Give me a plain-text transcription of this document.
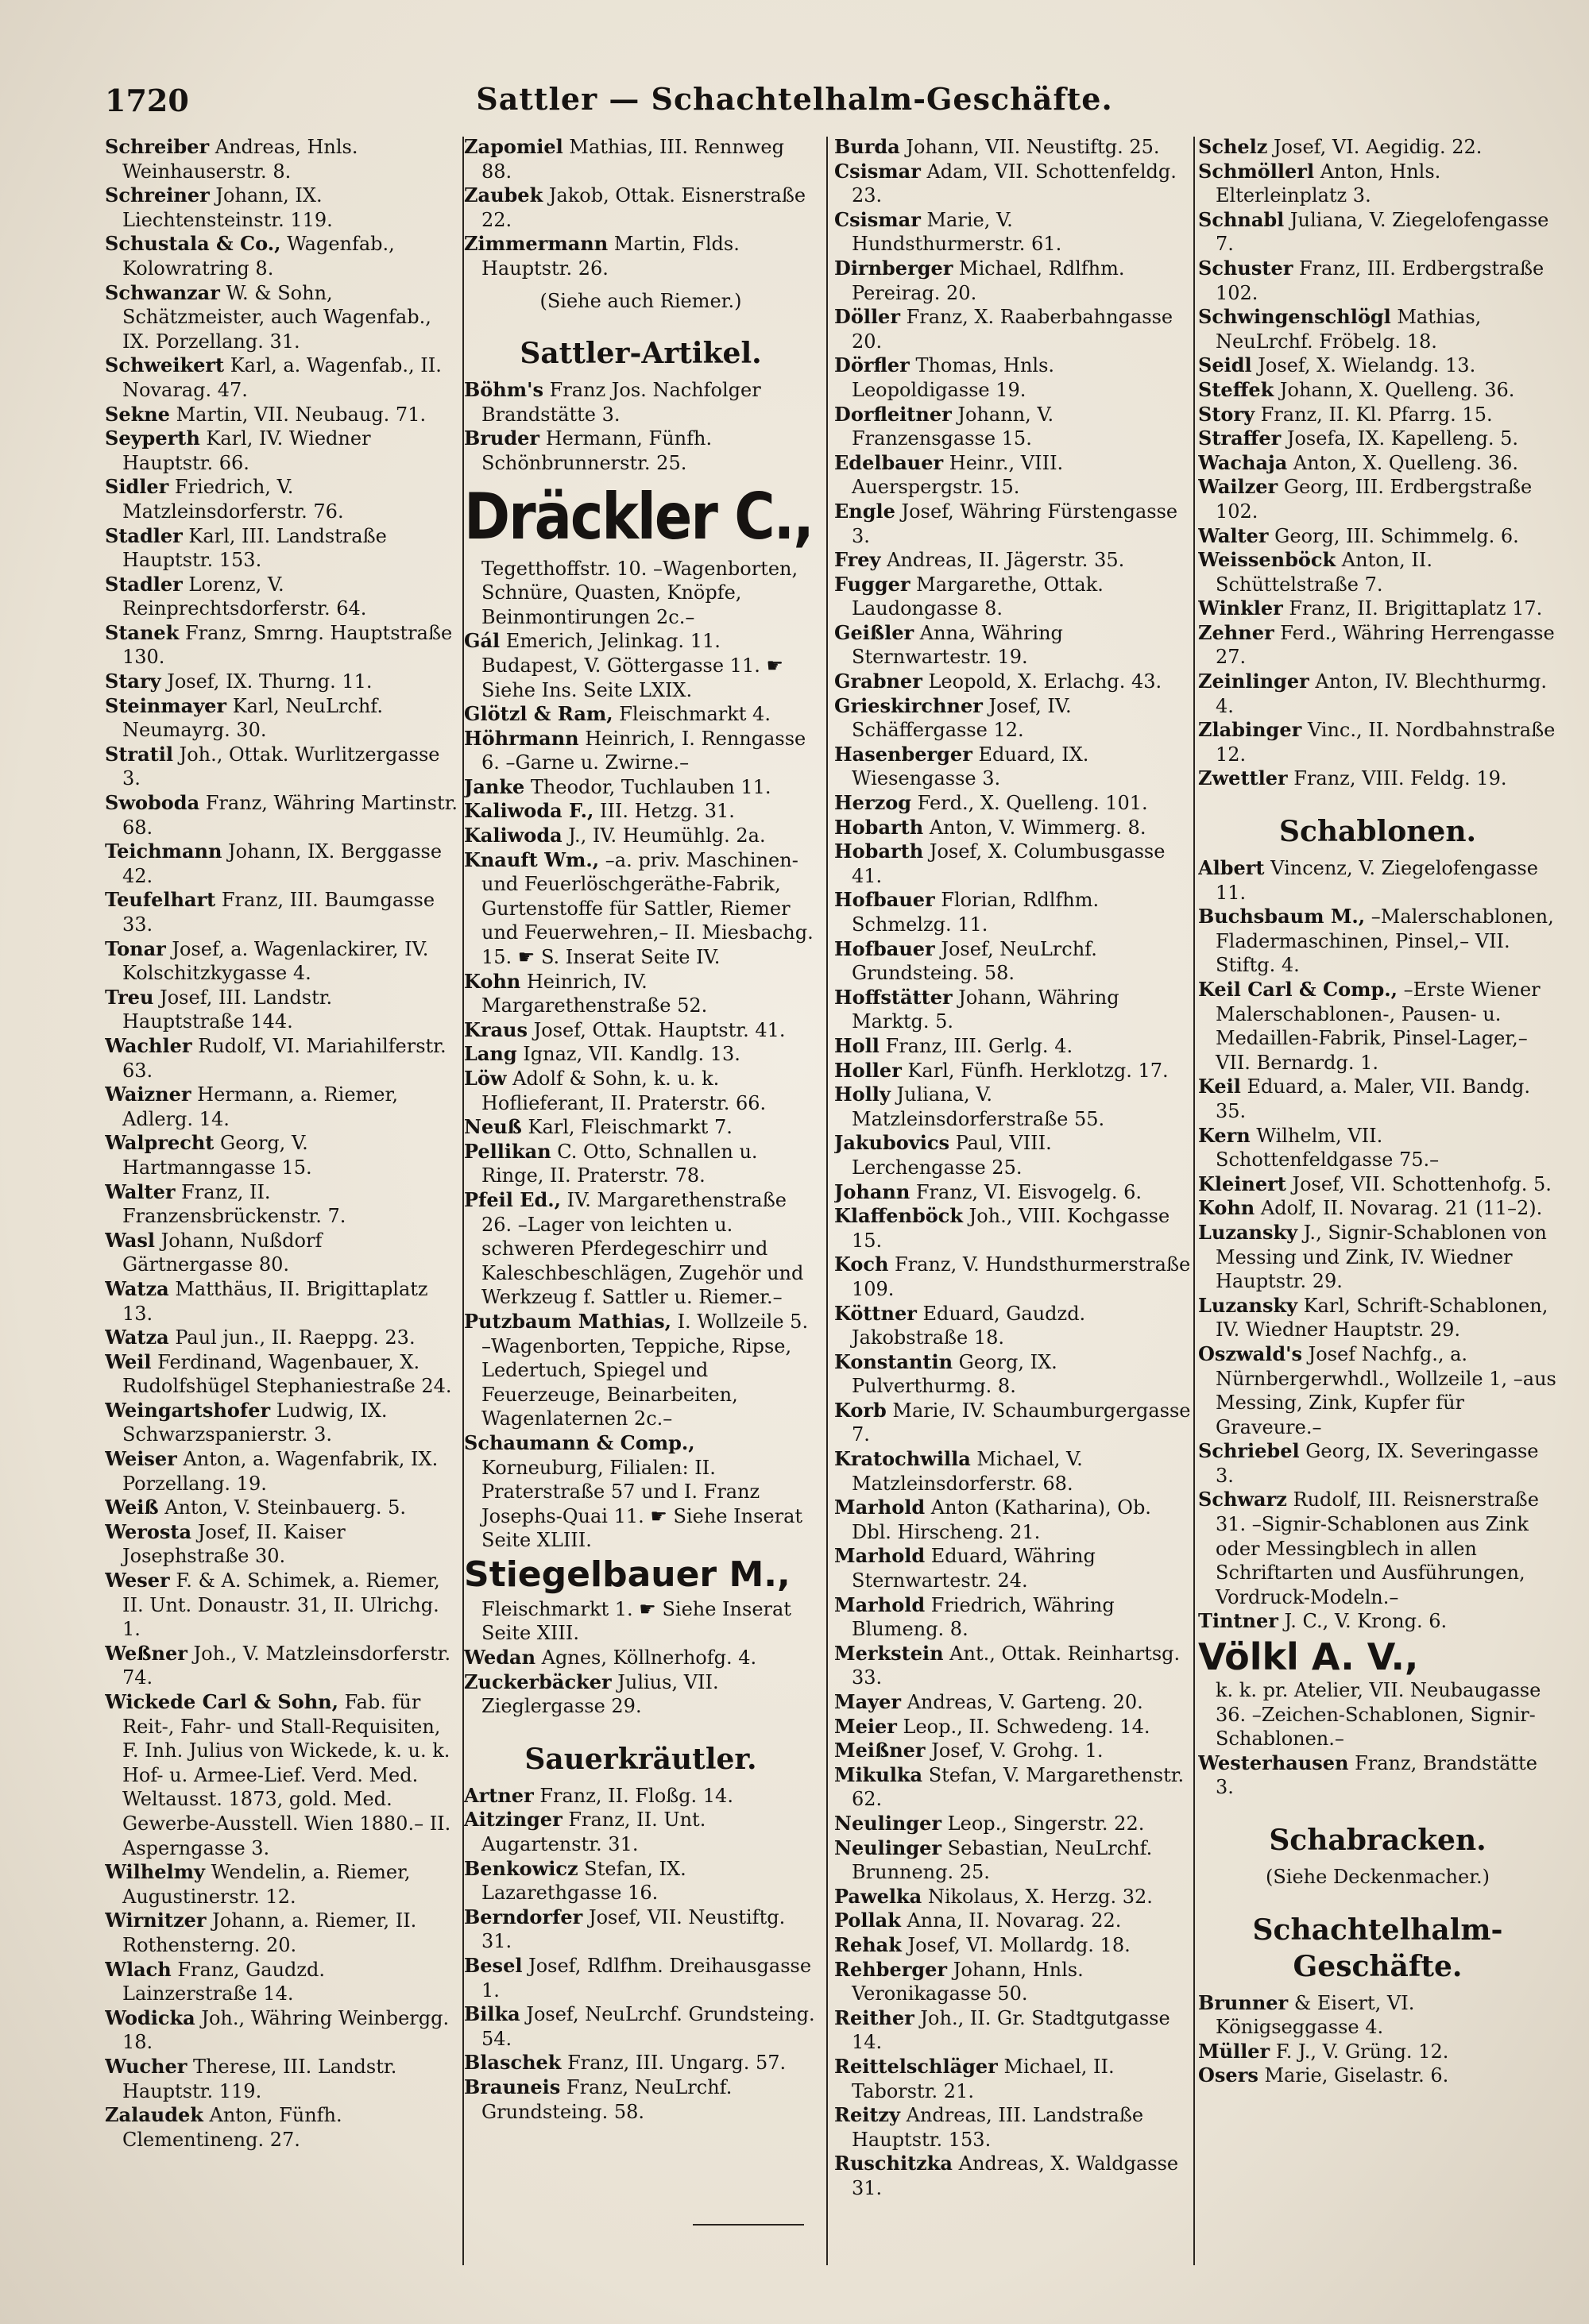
1720	Sattler — Schachtelhalm-Geschäfte.
Schreiber Andreas, Hnls. Weinhauserstr. 8.
Schreiner Johann, IX. Liechtensteinstr. 119.
Schustala & Co., Wagenfab., Kolowratring 8.
Schwanzar W. & Sohn, Schätzmeister, auch Wagenfab., IX. Porzellang. 31.
Schweikert Karl, a. Wagenfab., II. Novarag. 47.
Sekne Martin, VII. Neubaug. 71.
Seyperth Karl, IV. Wiedner Hauptstr. 66.
Sidler Friedrich, V. Matzleinsdorferstr. 76.
Stadler Karl, III. Landstraße Hauptstr. 153.
Stadler Lorenz, V. Reinprechtsdorferstr. 64.
Stanek Franz, Smrng. Hauptstraße 130.
Stary Josef, IX. Thurng. 11.
Steinmayer Karl, NeuLrchf. Neumayrg. 30.
Stratil Joh., Ottak. Wurlitzergasse 3.
Swoboda Franz, Währing Martinstr. 68.
Teichmann Johann, IX. Berggasse 42.
Teufelhart Franz, III. Baumgasse 33.
Tonar Josef, a. Wagenlackirer, IV. Kolschitzkygasse 4.
Treu Josef, III. Landstr. Hauptstraße 144.
Wachler Rudolf, VI. Mariahilferstr. 63.
Waizner Hermann, a. Riemer, Adlerg. 14.
Walprecht Georg, V. Hartmanngasse 15.
Walter Franz, II. Franzensbrückenstr. 7.
Wasl Johann, Nußdorf Gärtnergasse 80.
Watza Matthäus, II. Brigittaplatz 13.
Watza Paul jun., II. Raeppg. 23.
Weil Ferdinand, Wagenbauer, X. Rudolfshügel Stephaniestraße 24.
Weingartshofer Ludwig, IX. Schwarzspanierstr. 3.
Weiser Anton, a. Wagenfabrik, IX. Porzellang. 19.
Weiß Anton, V. Steinbauerg. 5.
Werosta Josef, II. Kaiser Josephstraße 30.
Weser F. & A. Schimek, a. Riemer, II. Unt. Donaustr. 31, II. Ulrichg. 1.
Weßner Joh., V. Matzleinsdorferstr. 74.
Wickede Carl & Sohn, Fab. für Reit-, Fahr- und Stall-Requisiten, F. Inh. Julius von Wickede, k. u. k. Hof- u. Armee-Lief. Verd. Med. Weltausst. 1873, gold. Med. Gewerbe-Ausstell. Wien 1880.– II. Asperngasse 3.
Wilhelmy Wendelin, a. Riemer, Augustinerstr. 12.
Wirnitzer Johann, a. Riemer, II. Rothensterng. 20.
Wlach Franz, Gaudzd. Lainzerstraße 14.
Wodicka Joh., Währing Weinbergg. 18.
Wucher Therese, III. Landstr. Hauptstr. 119.
Zalaudek Anton, Fünfh. Clementineng. 27.
Zapomiel Mathias, III. Rennweg 88.
Zaubek Jakob, Ottak. Eisnerstraße 22.
Zimmermann Martin, Flds. Hauptstr. 26.
(Siehe auch Riemer.)
Sattler-Artikel.
Böhm's Franz Jos. Nachfolger Brandstätte 3.
Bruder Hermann, Fünfh. Schönbrunnerstr. 25.
Dräckler C.,
Tegetthoffstr. 10. –Wagenborten, Schnüre, Quasten, Knöpfe, Beinmontirungen 2c.–
Gál Emerich, Jelinkag. 11. Budapest, V. Göttergasse 11. ☛ Siehe Ins. Seite LXIX.
Glötzl & Ram, Fleischmarkt 4.
Höhrmann Heinrich, I. Renngasse 6. –Garne u. Zwirne.–
Janke Theodor, Tuchlauben 11.
Kaliwoda F., III. Hetzg. 31.
Kaliwoda J., IV. Heumühlg. 2a.
Knauft Wm., –a. priv. Maschinen- und Feuerlöschgeräthe-Fabrik, Gurtenstoffe für Sattler, Riemer und Feuerwehren,– II. Miesbachg. 15. ☛ S. Inserat Seite IV.
Kohn Heinrich, IV. Margarethenstraße 52.
Kraus Josef, Ottak. Hauptstr. 41.
Lang Ignaz, VII. Kandlg. 13.
Löw Adolf & Sohn, k. u. k. Hoflieferant, II. Praterstr. 66.
Neuß Karl, Fleischmarkt 7.
Pellikan C. Otto, Schnallen u. Ringe, II. Praterstr. 78.
Pfeil Ed., IV. Margarethenstraße 26. –Lager von leichten u. schweren Pferdegeschirr und Kaleschbeschlägen, Zugehör und Werkzeug f. Sattler u. Riemer.–
Putzbaum Mathias, I. Wollzeile 5. –Wagenborten, Teppiche, Ripse, Ledertuch, Spiegel und Feuerzeuge, Beinarbeiten, Wagenlaternen 2c.–
Schaumann & Comp., Korneuburg, Filialen: II. Praterstraße 57 und I. Franz Josephs-Quai 11. ☛ Siehe Inserat Seite XLIII.
Stiegelbauer M.,
Fleischmarkt 1. ☛ Siehe Inserat Seite XIII.
Wedan Agnes, Köllnerhofg. 4.
Zuckerbäcker Julius, VII. Zieglergasse 29.
Sauerkräutler.
Artner Franz, II. Floßg. 14.
Aitzinger Franz, II. Unt. Augartenstr. 31.
Benkowicz Stefan, IX. Lazarethgasse 16.
Berndorfer Josef, VII. Neustiftg. 31.
Besel Josef, Rdlfhm. Dreihausgasse 1.
Bilka Josef, NeuLrchf. Grundsteing. 54.
Blaschek Franz, III. Ungarg. 57.
Brauneis Franz, NeuLrchf. Grundsteing. 58.
Burda Johann, VII. Neustiftg. 25.
Csismar Adam, VII. Schottenfeldg. 23.
Csismar Marie, V. Hundsthurmerstr. 61.
Dirnberger Michael, Rdlfhm. Pereirag. 20.
Döller Franz, X. Raaberbahngasse 20.
Dörfler Thomas, Hnls. Leopoldigasse 19.
Dorfleitner Johann, V. Franzensgasse 15.
Edelbauer Heinr., VIII. Auerspergstr. 15.
Engle Josef, Währing Fürstengasse 3.
Frey Andreas, II. Jägerstr. 35.
Fugger Margarethe, Ottak. Laudongasse 8.
Geißler Anna, Währing Sternwartestr. 19.
Grabner Leopold, X. Erlachg. 43.
Grieskirchner Josef, IV. Schäffergasse 12.
Hasenberger Eduard, IX. Wiesengasse 3.
Herzog Ferd., X. Quelleng. 101.
Hobarth Anton, V. Wimmerg. 8.
Hobarth Josef, X. Columbusgasse 41.
Hofbauer Florian, Rdlfhm. Schmelzg. 11.
Hofbauer Josef, NeuLrchf. Grundsteing. 58.
Hoffstätter Johann, Währing Marktg. 5.
Holl Franz, III. Gerlg. 4.
Holler Karl, Fünfh. Herklotzg. 17.
Holly Juliana, V. Matzleinsdorferstraße 55.
Jakubovics Paul, VIII. Lerchengasse 25.
Johann Franz, VI. Eisvogelg. 6.
Klaffenböck Joh., VIII. Kochgasse 15.
Koch Franz, V. Hundsthurmerstraße 109.
Köttner Eduard, Gaudzd. Jakobstraße 18.
Konstantin Georg, IX. Pulverthurmg. 8.
Korb Marie, IV. Schaumburgergasse 7.
Kratochwilla Michael, V. Matzleinsdorferstr. 68.
Marhold Anton (Katharina), Ob. Dbl. Hirscheng. 21.
Marhold Eduard, Währing Sternwartestr. 24.
Marhold Friedrich, Währing Blumeng. 8.
Merkstein Ant., Ottak. Reinhartsg. 33.
Mayer Andreas, V. Garteng. 20.
Meier Leop., II. Schwedeng. 14.
Meißner Josef, V. Grohg. 1.
Mikulka Stefan, V. Margarethenstr. 62.
Neulinger Leop., Singerstr. 22.
Neulinger Sebastian, NeuLrchf. Brunneng. 25.
Pawelka Nikolaus, X. Herzg. 32.
Pollak Anna, II. Novarag. 22.
Rehak Josef, VI. Mollardg. 18.
Rehberger Johann, Hnls. Veronikagasse 50.
Reither Joh., II. Gr. Stadtgutgasse 14.
Reittelschläger Michael, II. Taborstr. 21.
Reitzy Andreas, III. Landstraße Hauptstr. 153.
Ruschitzka Andreas, X. Waldgasse 31.
Schelz Josef, VI. Aegidig. 22.
Schmöllerl Anton, Hnls. Elterleinplatz 3.
Schnabl Juliana, V. Ziegelofengasse 7.
Schuster Franz, III. Erdbergstraße 102.
Schwingenschlögl Mathias, NeuLrchf. Fröbelg. 18.
Seidl Josef, X. Wielandg. 13.
Steffek Johann, X. Quelleng. 36.
Story Franz, II. Kl. Pfarrg. 15.
Straffer Josefa, IX. Kapelleng. 5.
Wachaja Anton, X. Quelleng. 36.
Wailzer Georg, III. Erdbergstraße 102.
Walter Georg, III. Schimmelg. 6.
Weissenböck Anton, II. Schüttelstraße 7.
Winkler Franz, II. Brigittaplatz 17.
Zehner Ferd., Währing Herrengasse 27.
Zeinlinger Anton, IV. Blechthurmg. 4.
Zlabinger Vinc., II. Nordbahnstraße 12.
Zwettler Franz, VIII. Feldg. 19.
Schablonen.
Albert Vincenz, V. Ziegelofengasse 11.
Buchsbaum M., –Malerschablonen, Fladermaschinen, Pinsel,– VII. Stiftg. 4.
Keil Carl & Comp., –Erste Wiener Malerschablonen-, Pausen- u. Medaillen-Fabrik, Pinsel-Lager,– VII. Bernardg. 1.
Keil Eduard, a. Maler, VII. Bandg. 35.
Kern Wilhelm, VII. Schottenfeldgasse 75.–
Kleinert Josef, VII. Schottenhofg. 5.
Kohn Adolf, II. Novarag. 21 (11–2).
Luzansky J., Signir-Schablonen von Messing und Zink, IV. Wiedner Hauptstr. 29.
Luzansky Karl, Schrift-Schablonen, IV. Wiedner Hauptstr. 29.
Oszwald's Josef Nachfg., a. Nürnbergerwhdl., Wollzeile 1, –aus Messing, Zink, Kupfer für Graveure.–
Schriebel Georg, IX. Severingasse 3.
Schwarz Rudolf, III. Reisnerstraße 31. –Signir-Schablonen aus Zink oder Messingblech in allen Schriftarten und Ausführungen, Vordruck-Modeln.–
Tintner J. C., V. Krong. 6.
Völkl A. V.,
k. k. pr. Atelier, VII. Neubaugasse 36. –Zeichen-Schablonen, Signir-Schablonen.–
Westerhausen Franz, Brandstätte 3.
Schabracken.
(Siehe Deckenmacher.)
Schachtelhalm-Geschäfte.
Brunner & Eisert, VI. Königseggasse 4.
Müller F. J., V. Grüng. 12.
Osers Marie, Giselastr. 6.
